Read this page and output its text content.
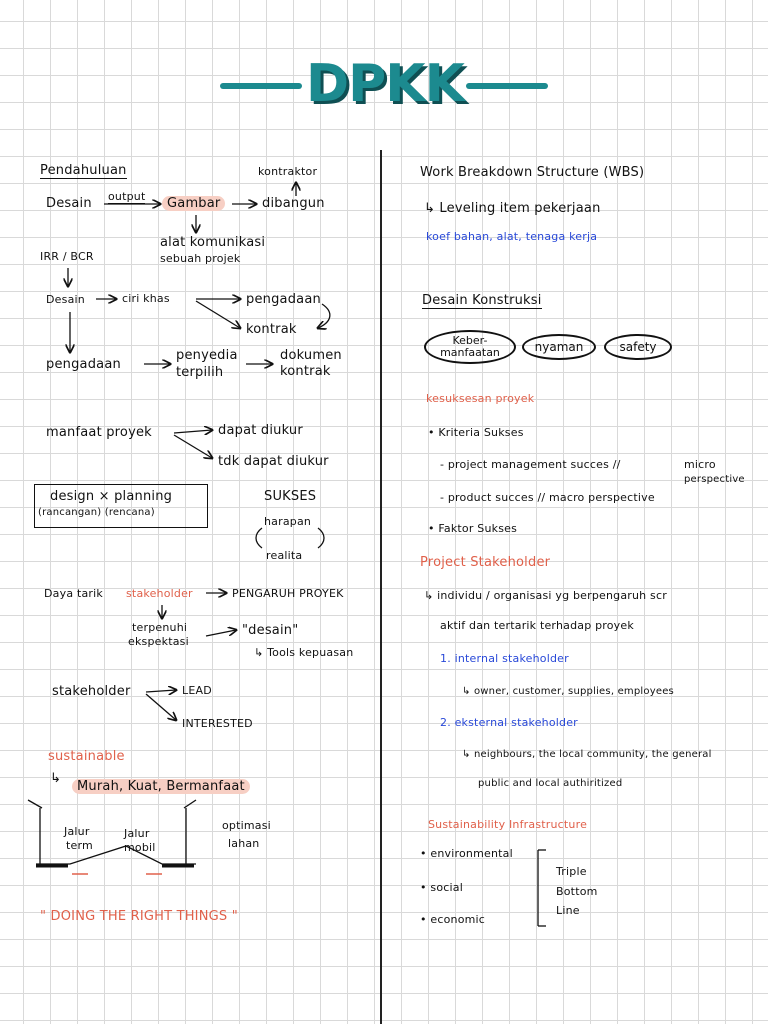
DPKK
Pendahuluan	kontraktor
Desain output	Gambar	dibangun
alat komunikasi
sebuah projek
IRR / BCR
Desain	ciri khas	pengadaan
kontrak
pengadaan
penyedia
terpilih
dokumen
kontrak
manfaat proyek	dapat diukur
tdk dapat diukur
design × planning
(rancangan) (rencana)
SUKSES
harapan
realita
Daya tarik stakeholder	PENGARUH PROYEK
terpenuhi
ekspektasi
"desain"
↳ Tools kepuasan
stakeholder	LEAD
INTERESTED
sustainable
↳
Murah, Kuat, Bermanfaat
Jalur
term
Jalur
mobil
optimasi
lahan
" DOING THE RIGHT THINGS "
Work Breakdown Structure (WBS)
↳ Leveling item pekerjaan
koef bahan, alat, tenaga kerja
Desain Konstruksi
Keber-
manfaatan	nyaman	safety
kesuksesan proyek
• Kriteria Sukses
- project management succes //	micro
perspective
- product succes // macro perspective
• Faktor Sukses
Project Stakeholder
↳ individu / organisasi yg berpengaruh scr
aktif dan tertarik terhadap proyek
1. internal stakeholder
↳ owner, customer, supplies, employees
2. eksternal stakeholder
↳ neighbours, the local community, the general
public and local authiritized
Sustainability Infrastructure
• environmental
• social
• economic
Triple
Bottom
Line
